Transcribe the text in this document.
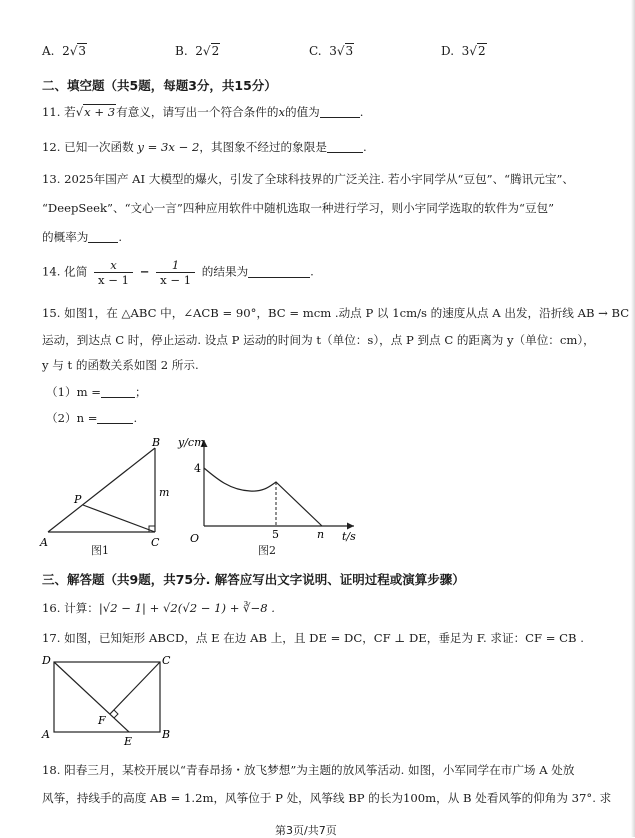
A. 2√3	B. 2√2	C. 3√3	D. 3√2
二、填空题（共5题，每题3分，共15分）
11. 若√x + 3有意义，请写出一个符合条件的x的值为	.
12. 已知一次函数 y = 3x − 2，其图象不经过的象限是	.
13. 2025年国产 AI 大模型的爆火，引发了全球科技界的广泛关注. 若小宇同学从“豆包”、“腾讯元宝”、
“DeepSeek”、“文心一言”四种应用软件中随机选取一种进行学习，则小宇同学选取的软件为“豆包”
的概率为	.
14. 化简 $\frac{x}{x - 1} - \frac{1}{x - 1}$ 的结果为	.
15. 如图1，在 △ABC 中，∠ACB = 90°，BC = mcm .动点 P 以 1cm/s 的速度从点 A 出发，沿折线 AB → BC
运动，到达点 C 时，停止运动. 设点 P 运动的时间为 t（单位：s），点 P 到点 C 的距离为 y（单位：cm），
y 与 t 的函数关系如图 2 所示.
（1）m =	；
（2）n =	.
A
B
C
P
m
图1
y/cm
t/s
O
4
5	n
图2
三、解答题（共9题，共75分. 解答应写出文字说明、证明过程或演算步骤）
16. 计算：|√2 − 1| + √2(√2 − 1) + ∛−8 .
17. 如图，已知矩形 ABCD，点 E 在边 AB 上，且 DE = DC，CF ⊥ DE，垂足为 F. 求证：CF = CB .
D	C
A	B
E
F
18. 阳春三月，某校开展以“青春昂扬・放飞梦想”为主题的放风筝活动. 如图，小军同学在市广场 A 处放
风筝，持线手的高度 AB = 1.2m，风筝位于 P 处，风筝线 BP 的长为100m，从 B 处看风筝的仰角为 37°. 求
第3页/共7页
